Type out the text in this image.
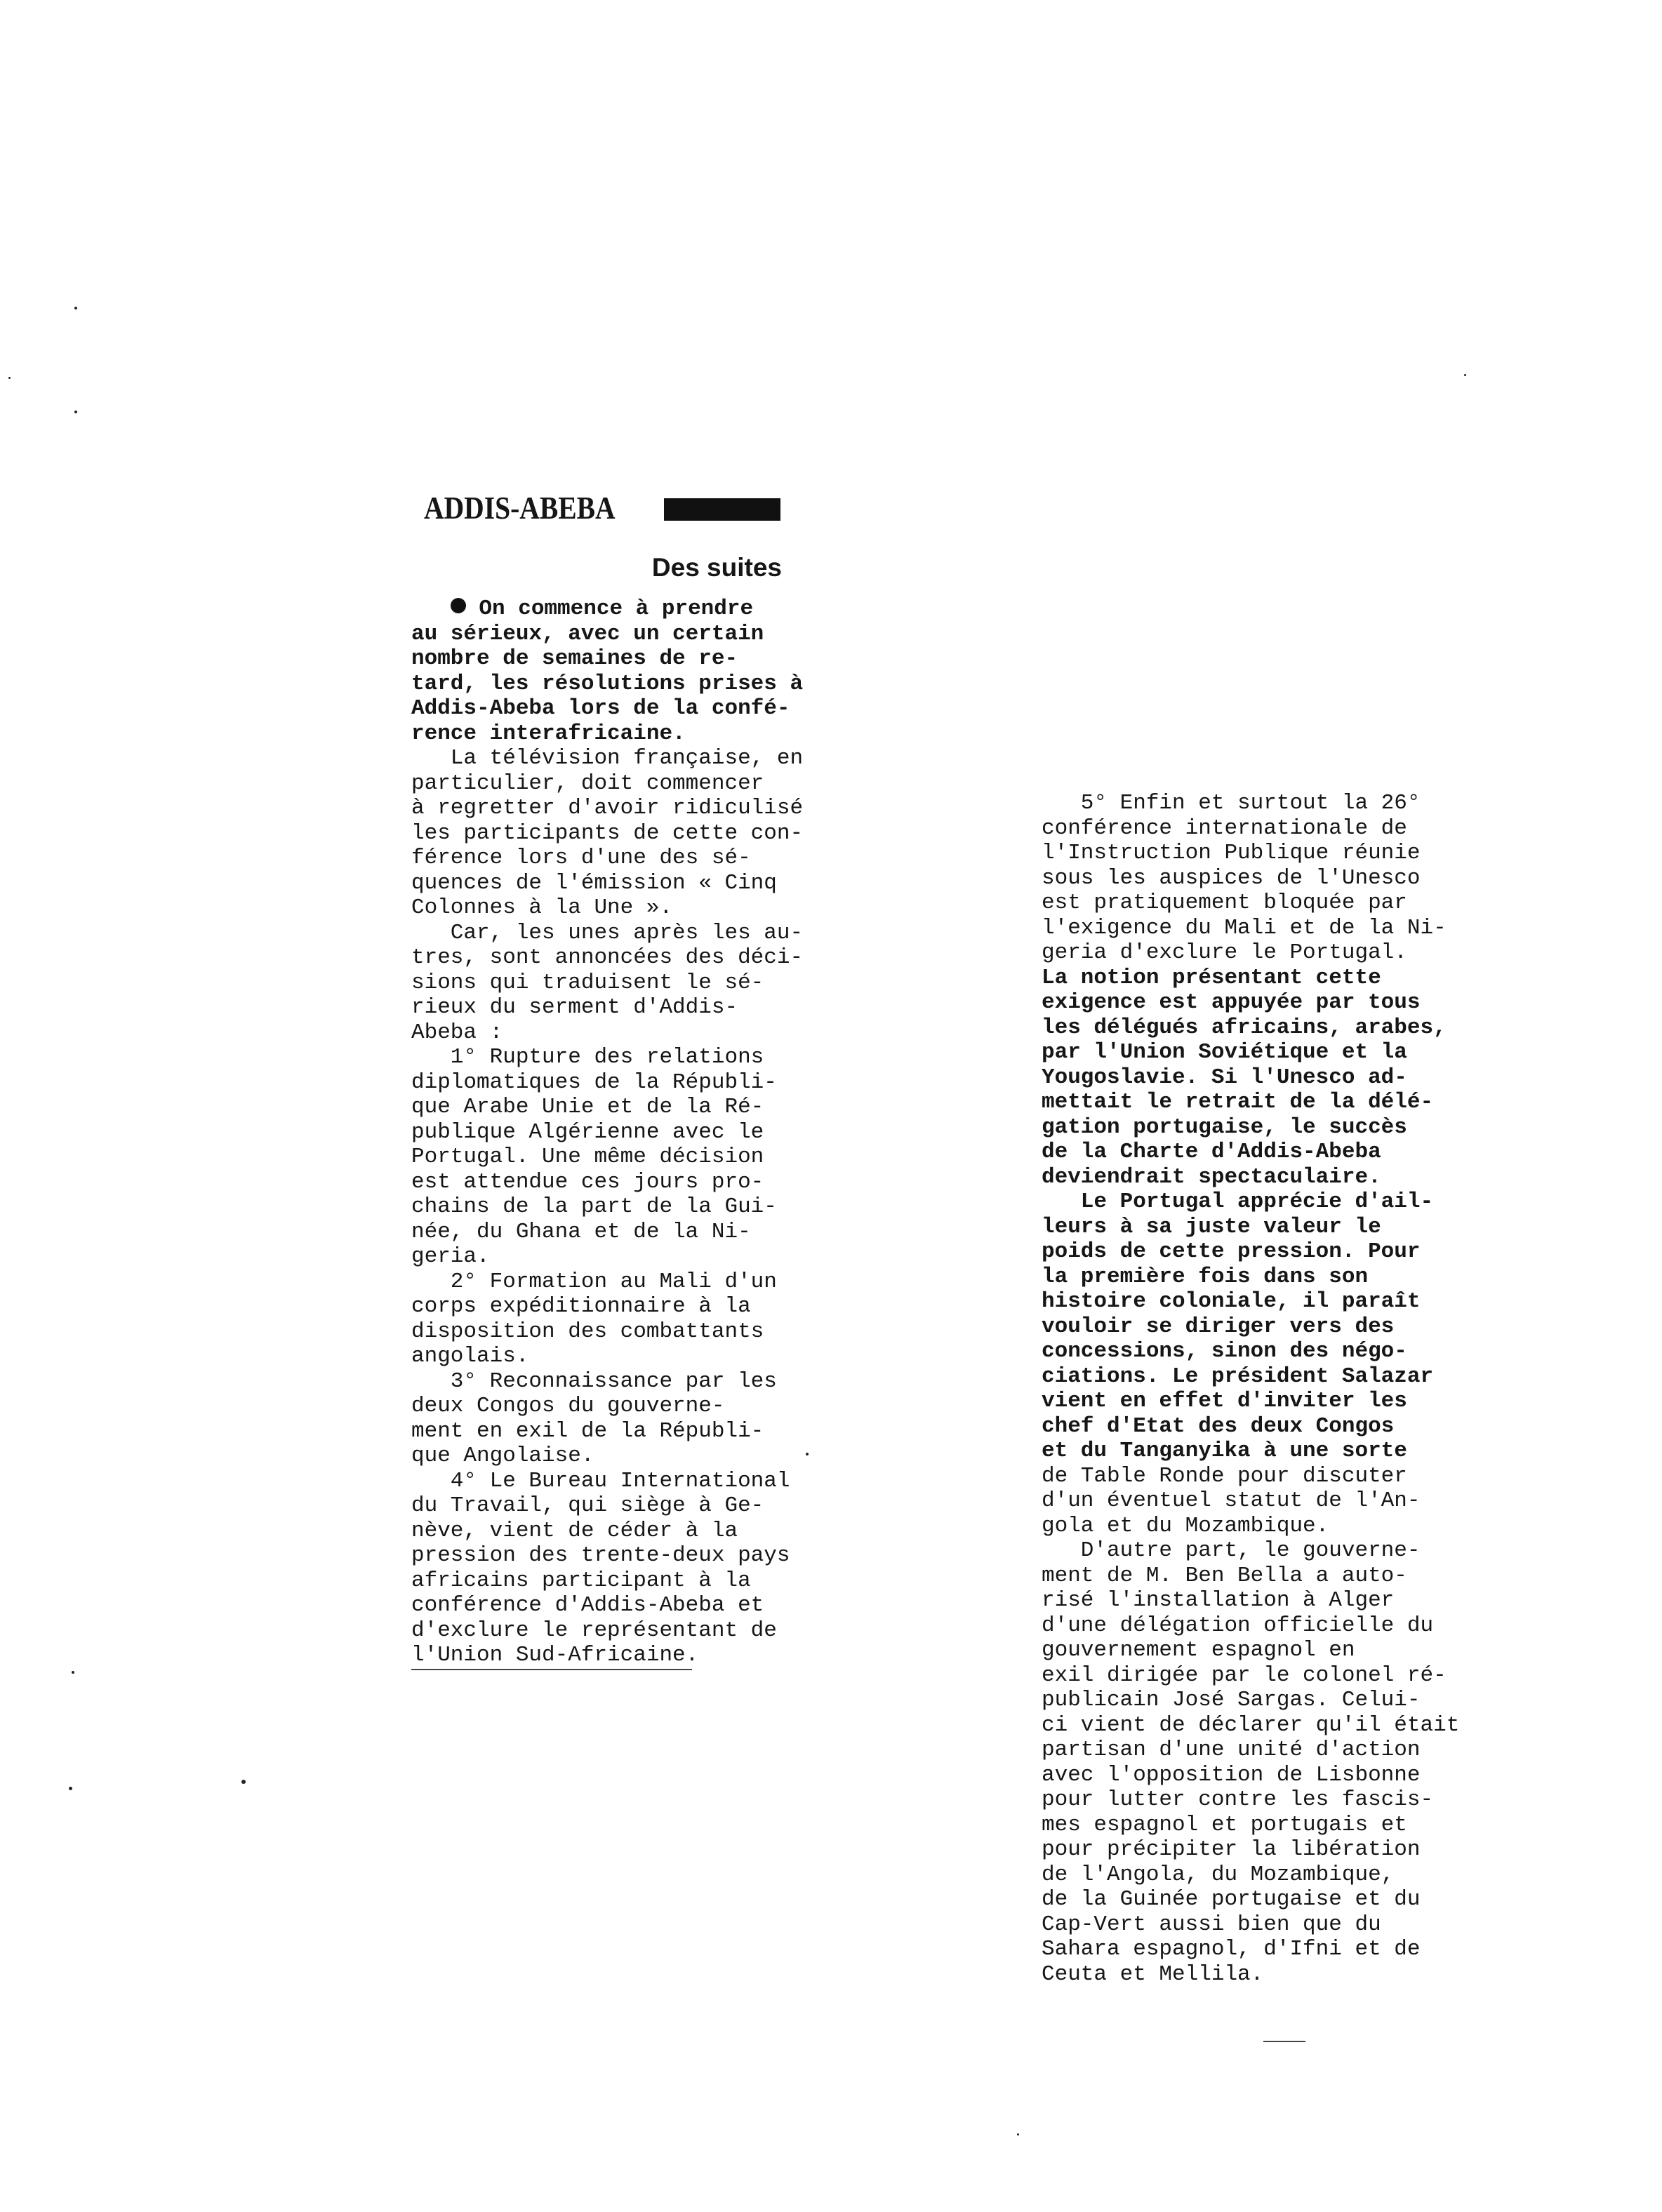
ADDIS-ABEBA
Des suites
On commence à prendre
au sérieux, avec un certain
nombre de semaines de re-
tard, les résolutions prises à
Addis-Abeba lors de la confé-
rence interafricaine.
La télévision française, en
particulier, doit commencer
à regretter d'avoir ridiculisé
les participants de cette con-
férence lors d'une des sé-
quences de l'émission « Cinq
Colonnes à la Une ».
Car, les unes après les au-
tres, sont annoncées des déci-
sions qui traduisent le sé-
rieux du serment d'Addis-
Abeba :
1° Rupture des relations
diplomatiques de la Républi-
que Arabe Unie et de la Ré-
publique Algérienne avec le
Portugal. Une même décision
est attendue ces jours pro-
chains de la part de la Gui-
née, du Ghana et de la Ni-
geria.
2° Formation au Mali d'un
corps expéditionnaire à la
disposition des combattants
angolais.
3° Reconnaissance par les
deux Congos du gouverne-
ment en exil de la Républi-
que Angolaise.
4° Le Bureau International
du Travail, qui siège à Ge-
nève, vient de céder à la
pression des trente-deux pays
africains participant à la
conférence d'Addis-Abeba et
d'exclure le représentant de
l'Union Sud-Africaine.
5° Enfin et surtout la 26°
conférence internationale de
l'Instruction Publique réunie
sous les auspices de l'Unesco
est pratiquement bloquée par
l'exigence du Mali et de la Ni-
geria d'exclure le Portugal.
La notion présentant cette
exigence est appuyée par tous
les délégués africains, arabes,
par l'Union Soviétique et la
Yougoslavie. Si l'Unesco ad-
mettait le retrait de la délé-
gation portugaise, le succès
de la Charte d'Addis-Abeba
deviendrait spectaculaire.
Le Portugal apprécie d'ail-
leurs à sa juste valeur le
poids de cette pression. Pour
la première fois dans son
histoire coloniale, il paraît
vouloir se diriger vers des
concessions, sinon des négo-
ciations. Le président Salazar
vient en effet d'inviter les
chef d'Etat des deux Congos
et du Tanganyika à une sorte
de Table Ronde pour discuter
d'un éventuel statut de l'An-
gola et du Mozambique.
D'autre part, le gouverne-
ment de M. Ben Bella a auto-
risé l'installation à Alger
d'une délégation officielle du
gouvernement espagnol en
exil dirigée par le colonel ré-
publicain José Sargas. Celui-
ci vient de déclarer qu'il était
partisan d'une unité d'action
avec l'opposition de Lisbonne
pour lutter contre les fascis-
mes espagnol et portugais et
pour précipiter la libération
de l'Angola, du Mozambique,
de la Guinée portugaise et du
Cap-Vert aussi bien que du
Sahara espagnol, d'Ifni et de
Ceuta et Mellila.
